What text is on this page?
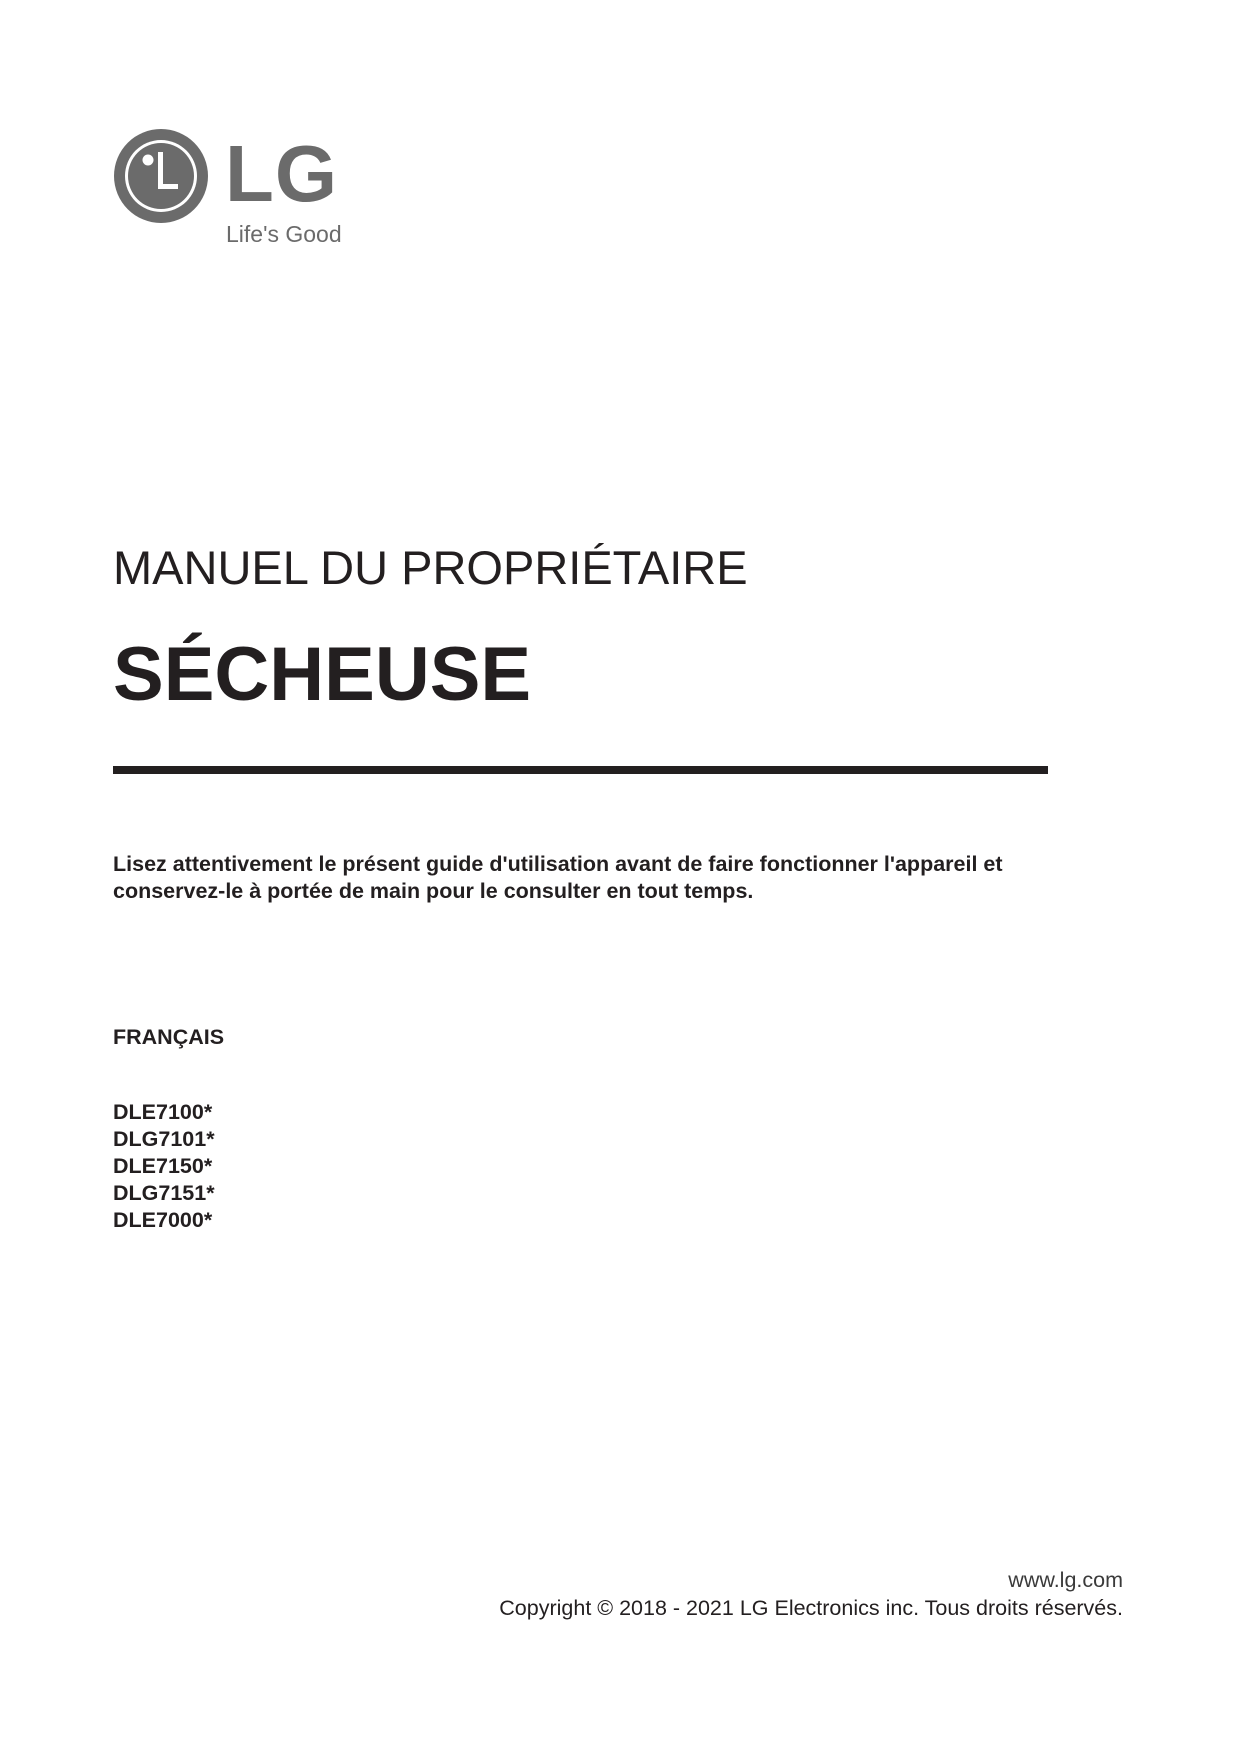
LG
Life's Good
MANUEL DU PROPRIÉTAIRE
SÉCHEUSE
Lisez attentivement le présent guide d'utilisation avant de faire fonctionner l'appareil et
conservez-le à portée de main pour le consulter en tout temps.
FRANÇAIS
DLE7100*
DLG7101*
DLE7150*
DLG7151*
DLE7000*
www.lg.com
Copyright © 2018 - 2021 LG Electronics inc. Tous droits réservés.
